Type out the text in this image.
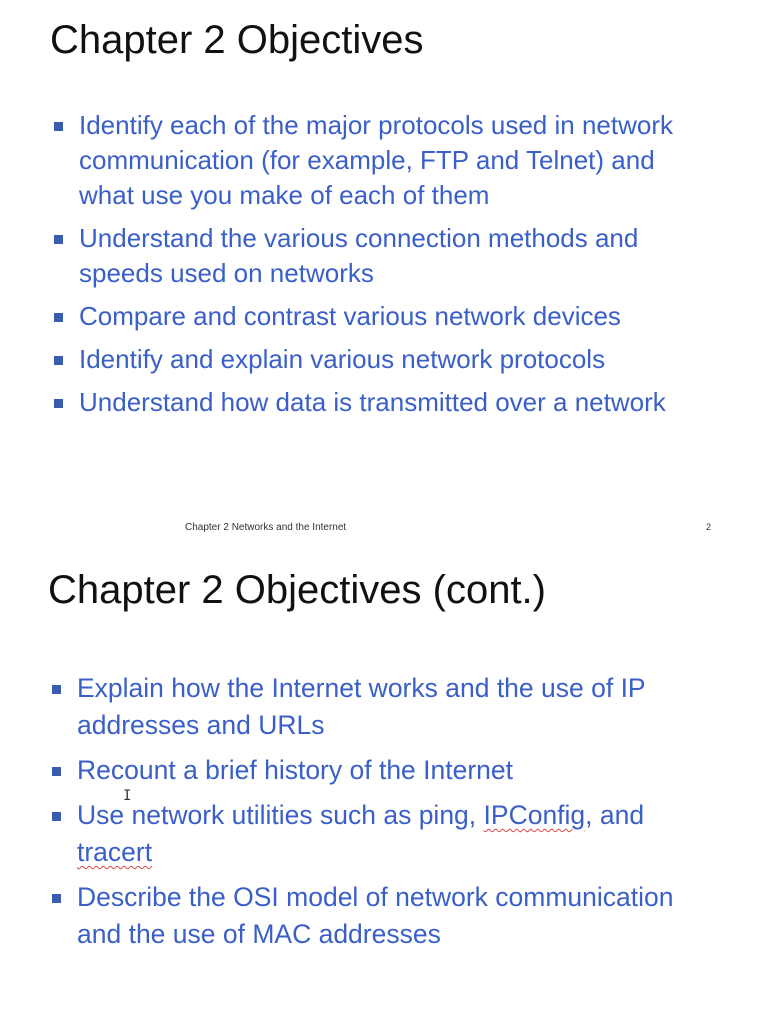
Chapter 2 Objectives
Identify each of the major protocols used in network communication (for example, FTP and Telnet) and what use you make of each of them
Understand the various connection methods and speeds used on networks
Compare and contrast various network devices
Identify and explain various network protocols
Understand how data is transmitted over a network
Chapter 2 Networks and the Internet	2
Chapter 2 Objectives (cont.)
Explain how the Internet works and the use of IP addresses and URLs
Recount a brief history of the Internet
Use network utilities such as ping, IPConfig, and tracert
Describe the OSI model of network communication and the use of MAC addresses
I
